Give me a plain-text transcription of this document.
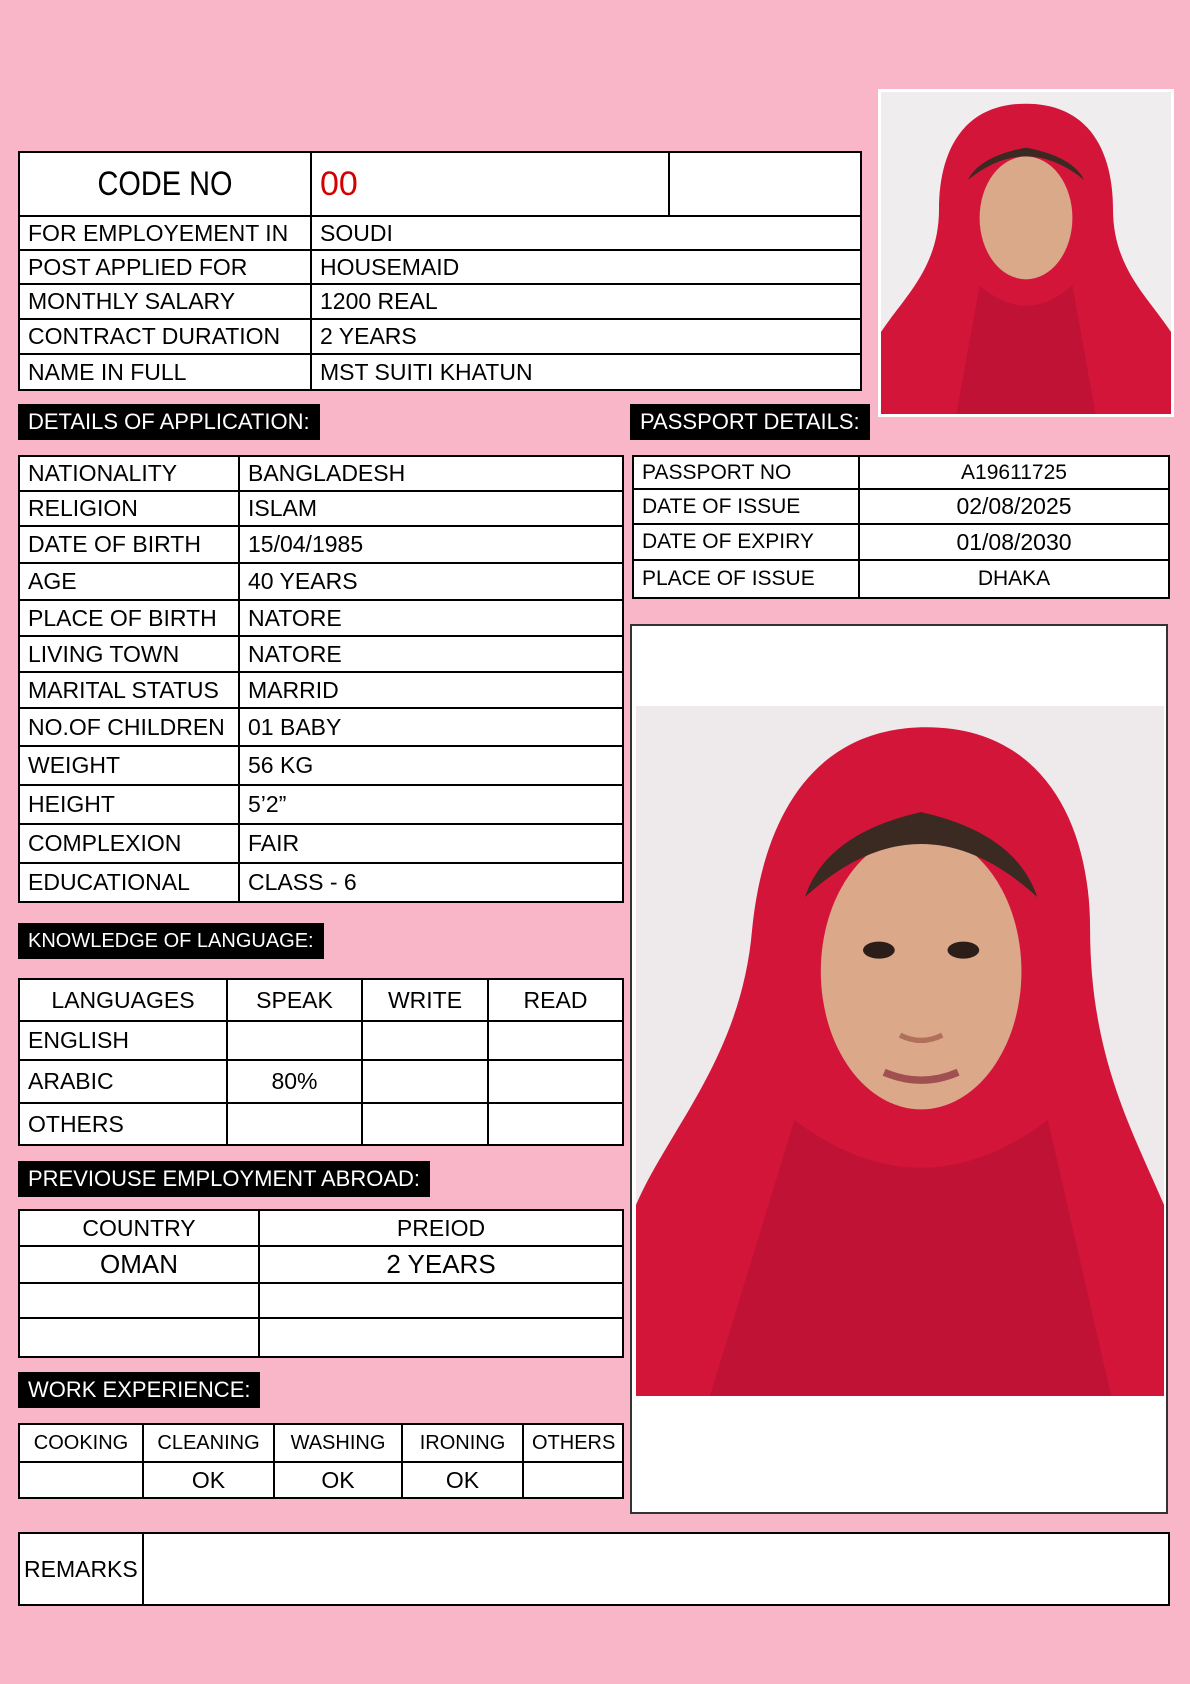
CODE NO	00	
FOR EMPLOYEMENT IN	SOUDI	
POST APPLIED FOR	HOUSEMAID	
MONTHLY SALARY	1200 REAL	
CONTRACT DURATION	2 YEARS	
NAME IN FULL	MST SUITI KHATUN	
DETAILS OF APPLICATION:
NATIONALITY	BANGLADESH
RELIGION	ISLAM
DATE OF BIRTH	15/04/1985
AGE	40 YEARS
PLACE OF BIRTH	NATORE
LIVING TOWN	NATORE
MARITAL STATUS	MARRID
NO.OF CHILDREN	01 BABY
WEIGHT	56 KG
HEIGHT	5’2”
COMPLEXION	FAIR
EDUCATIONAL	CLASS - 6
PASSPORT DETAILS:
PASSPORT NO	A19611725
DATE OF ISSUE	02/08/2025
DATE OF EXPIRY	01/08/2030
PLACE OF ISSUE	DHAKA
KNOWLEDGE OF LANGUAGE:
LANGUAGES	SPEAK	WRITE	READ
ENGLISH			
ARABIC	80%		
OTHERS			
PREVIOUSE EMPLOYMENT ABROAD:
COUNTRY	PREIOD
OMAN	2 YEARS

WORK EXPERIENCE:
COOKING	CLEANING	WASHING	IRONING	OTHERS
	OK	OK	OK	
REMARKS	
